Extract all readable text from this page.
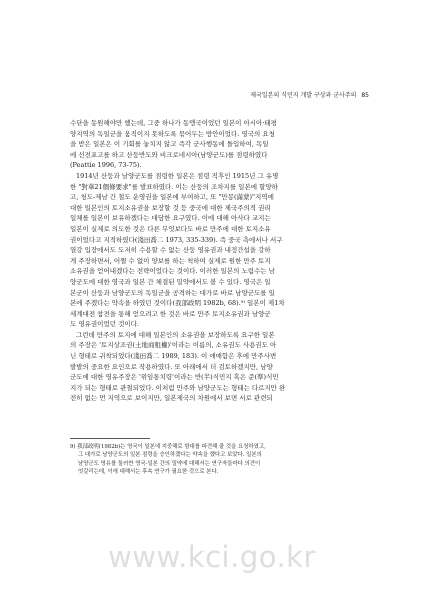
제국일본의 식민지 개발 구상과 군사주의 85

수단을 동원해야만 했는데, 그중 하나가 동맹국이었던 일본이 아시아·태평

양지역의 독일군을 움직이지 못하도록 묶어두는 방안이었다. 영국의 요청

을 받은 일본은 이 기회를 놓치지 않고 즉각 군사행동에 돌입하여, 독일

에 선전포고를 하고 산둥반도와 비크로네시아(남양군도)를 점령하였다

(Peattie 1996, 73-75).

1914년 산둥과 남양군도를 점령한 일본은 점령 직후인 1915년 그 유명

한 "對華21個條要求"를 발표하였다. 이는 산둥의 조차지를 일본에 할양하

고, 청도-제남 간 철도 운영권을 일본에 부여하고, 또 "만몽(滿蒙)"지역에

대한 일본인의 토지소유권을 보장할 것 등 중국에 대한 제국주의적 권리

일체를 일본이 보유하겠다는 대담한 요구였다. 이에 대해 아사다 교지는

일본이 실제로 의도한 것은 다른 무엇보다도 바로 만주에 대한 토지소유

권이었다고 지적하였다(淺田喬二 1973, 335-339). 즉 중국 측에서나 서구

열강 입장에서도 도저히 수용할 수 없는 산둥 영유권과 내정간섭을 강하

게 주장하면서, 어쩔 수 없이 양보를 하는 척하여 실제로 원한 만주 토지

소유권을 얻어내겠다는 전략이었다는 것이다. 이러한 일본의 노림수는 남

양군도에 대한 영국과 일본 간 체결된 밀약에서도 볼 수 있다. 영국은 일

본군이 산둥과 남양군도의 독일군을 공격하는 대가로 바로 남양군도를 일

본에 주겠다는 약속을 하였던 것이다(我部政明 1982b, 68).⁹⁾ 일본이 제1차

세계대전 참전을 통해 얻으려고 한 것은 바로 만주 토지소유권과 남양군

도 영유권이었던 것이다.

그런데 만주의 토지에 대해 일본인의 소유권을 보장하도록 요구한 일본

의 주장은 '토지상조권(土地商租權)'이라는 이름의, 소유권도 사용권도 아

닌 형태로 귀착되었다(淺田喬二 1989, 183). 이 애매함은 후에 만주사변

발발의 중요한 요인으로 작용하였다. 또 아래에서 더 검토하겠지만, 남양

군도에 대한 영유주장은 '위임통치령'이라는 반(半)식민지 혹은 준(準)식민

지가 되는 형태로 관철되었다. 이처럼 만주와 남양군도는 형태는 다르지만 완

전히 없는 먼 지역으로 보이지만, 일본제국의 차원에서 보면 서로 관련되

9) 我部政明(1982b)는 영국이 일본에 지중해로 함대를 파견해 줄 것을 요청하였고,

그 대가로 남양군도의 일본 점령을 승인하겠다는 약속을 했다고 보았다. 일본의

남양군도 영유를 둘러싼 영국-일본 간의 밀약에 대해서는 연구자들마다 의견이

엇갈리는데, 이에 대해서는 후속 연구가 필요한 것으로 본다.

www.kci.go.kr
